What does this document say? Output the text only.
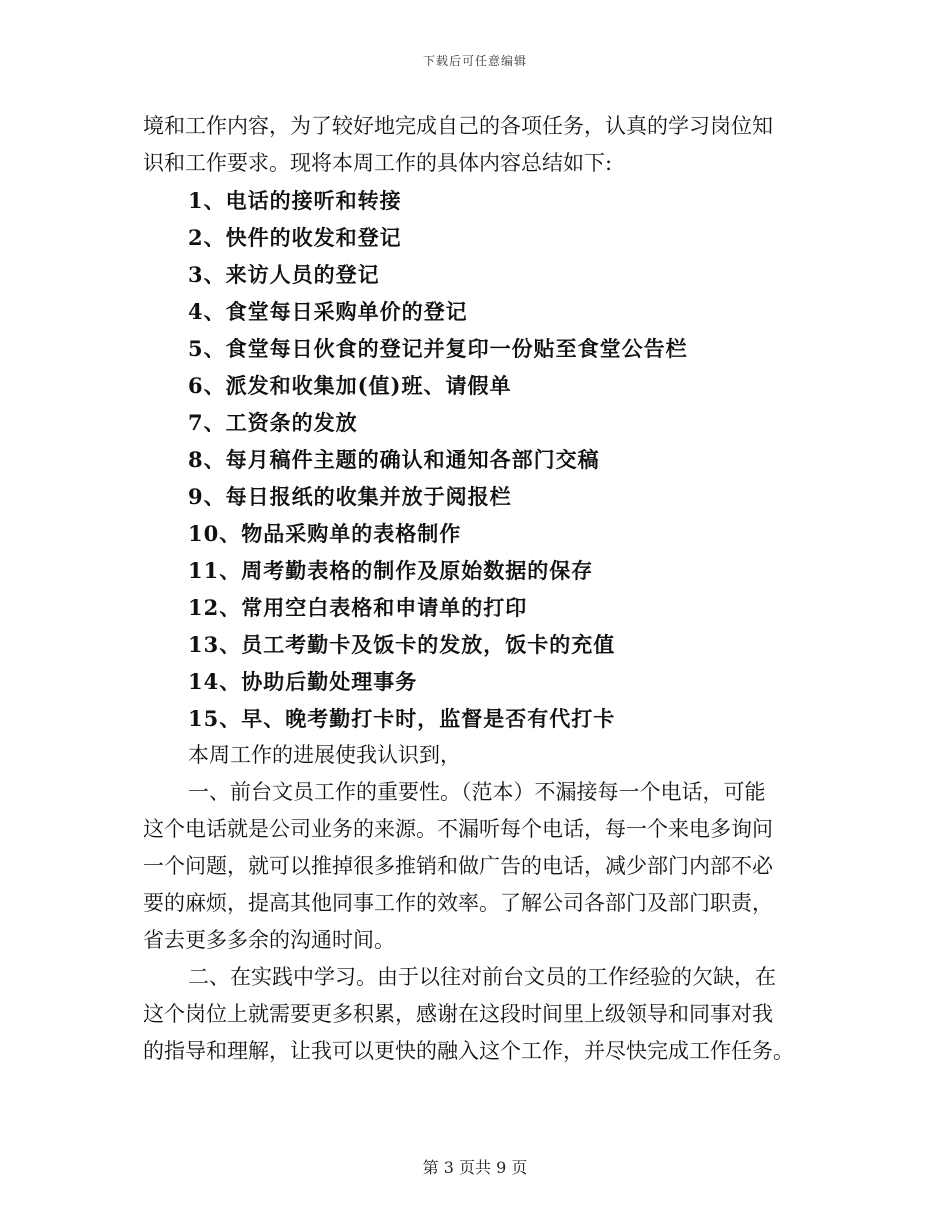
下载后可任意编辑
境和工作内容，为了较好地完成自己的各项任务，认真的学习岗位知
识和工作要求。现将本周工作的具体内容总结如下:
1、电话的接听和转接
2、快件的收发和登记
3、来访人员的登记
4、食堂每日采购单价的登记
5、食堂每日伙食的登记并复印一份贴至食堂公告栏
6、派发和收集加(值)班、请假单
7、工资条的发放
8、每月稿件主题的确认和通知各部门交稿
9、每日报纸的收集并放于阅报栏
10、物品采购单的表格制作
11、周考勤表格的制作及原始数据的保存
12、常用空白表格和申请单的打印
13、员工考勤卡及饭卡的发放，饭卡的充值
14、协助后勤处理事务
15、早、晚考勤打卡时，监督是否有代打卡
本周工作的进展使我认识到，
一、前台文员工作的重要性。（范本）不漏接每一个电话，可能
这个电话就是公司业务的来源。不漏听每个电话，每一个来电多询问
一个问题，就可以推掉很多推销和做广告的电话，减少部门内部不必
要的麻烦，提高其他同事工作的效率。了解公司各部门及部门职责，
省去更多多余的沟通时间。
二、在实践中学习。由于以往对前台文员的工作经验的欠缺，在
这个岗位上就需要更多积累，感谢在这段时间里上级领导和同事对我
的指导和理解，让我可以更快的融入这个工作，并尽快完成工作任务。
第 3 页共 9 页
